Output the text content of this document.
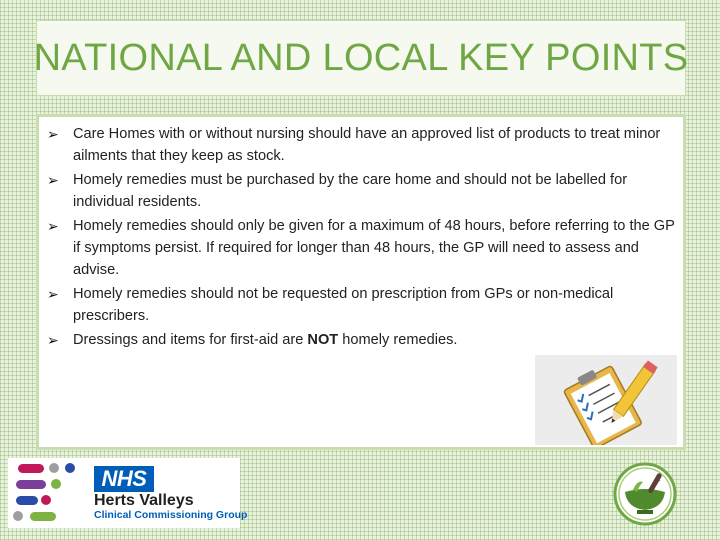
NATIONAL AND LOCAL KEY POINTS
➢ Care Homes with or without nursing should have an approved list of products to treat minor ailments that they keep as stock.
➢ Homely remedies must be purchased by the care home and should not be labelled for individual residents.
➢ Homely remedies should only be given for a maximum of 48 hours, before referring to the GP if symptoms persist. If required for longer than 48 hours, the GP will need to assess and advise.
➢ Homely remedies should not be requested on prescription from GPs or non-medical prescribers.
➢ Dressings and items for first-aid are NOT homely remedies.
NHS
Herts Valleys
Clinical Commissioning Group
